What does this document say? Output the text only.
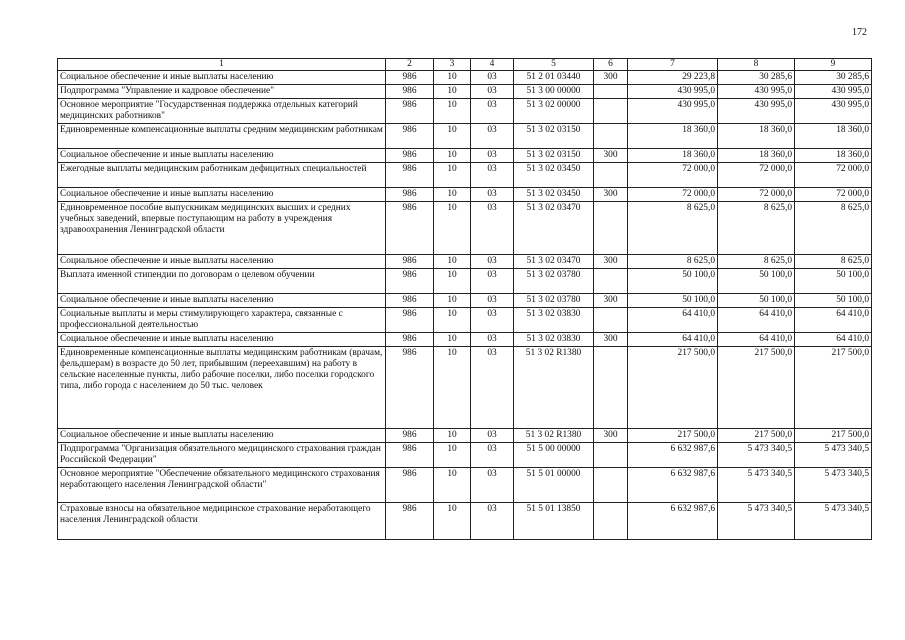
172
1	2	3	4	5	6	7	8	9
Социальное обеспечение и иные выплаты населению	986	10	03	51 2 01 03440	300	29 223,8	30 285,6	30 285,6
Подпрограмма "Управление и кадровое обеспечение"	986	10	03	51 3 00 00000		430 995,0	430 995,0	430 995,0
Основное мероприятие "Государственная поддержка отдельных категорий медицинских работников"	986	10	03	51 3 02 00000		430 995,0	430 995,0	430 995,0
Единовременные компенсационные выплаты средним медицинским работникам	986	10	03	51 3 02 03150		18 360,0	18 360,0	18 360,0
Социальное обеспечение и иные выплаты населению	986	10	03	51 3 02 03150	300	18 360,0	18 360,0	18 360,0
Ежегодные выплаты медицинским работникам дефицитных специальностей	986	10	03	51 3 02 03450		72 000,0	72 000,0	72 000,0
Социальное обеспечение и иные выплаты населению	986	10	03	51 3 02 03450	300	72 000,0	72 000,0	72 000,0
Единовременное пособие выпускникам медицинских высших и средних учебных заведений, впервые поступающим на работу в учреждения здравоохранения Ленинградской области	986	10	03	51 3 02 03470		8 625,0	8 625,0	8 625,0
Социальное обеспечение и иные выплаты населению	986	10	03	51 3 02 03470	300	8 625,0	8 625,0	8 625,0
Выплата именной стипендии по договорам о целевом обучении	986	10	03	51 3 02 03780		50 100,0	50 100,0	50 100,0
Социальное обеспечение и иные выплаты населению	986	10	03	51 3 02 03780	300	50 100,0	50 100,0	50 100,0
Социальные выплаты и меры стимулирующего характера, связанные с профессиональной деятельностью	986	10	03	51 3 02 03830		64 410,0	64 410,0	64 410,0
Социальное обеспечение и иные выплаты населению	986	10	03	51 3 02 03830	300	64 410,0	64 410,0	64 410,0
Единовременные компенсационные выплаты медицинским работникам (врачам, фельдшерам) в возрасте до 50 лет, прибывшим (переехавшим) на работу в сельские населенные пункты, либо рабочие поселки, либо поселки городского типа, либо города с населением до 50 тыс. человек	986	10	03	51 3 02 R1380		217 500,0	217 500,0	217 500,0
Социальное обеспечение и иные выплаты населению	986	10	03	51 3 02 R1380	300	217 500,0	217 500,0	217 500,0
Подпрограмма "Организация обязательного медицинского страхования граждан Российской Федерации"	986	10	03	51 5 00 00000		6 632 987,6	5 473 340,5	5 473 340,5
Основное мероприятие "Обеспечение обязательного медицинского страхования неработающего населения Ленинградской области"	986	10	03	51 5 01 00000		6 632 987,6	5 473 340,5	5 473 340,5
Страховые взносы на обязательное медицинское страхование неработающего населения Ленинградской области	986	10	03	51 5 01 13850		6 632 987,6	5 473 340,5	5 473 340,5
